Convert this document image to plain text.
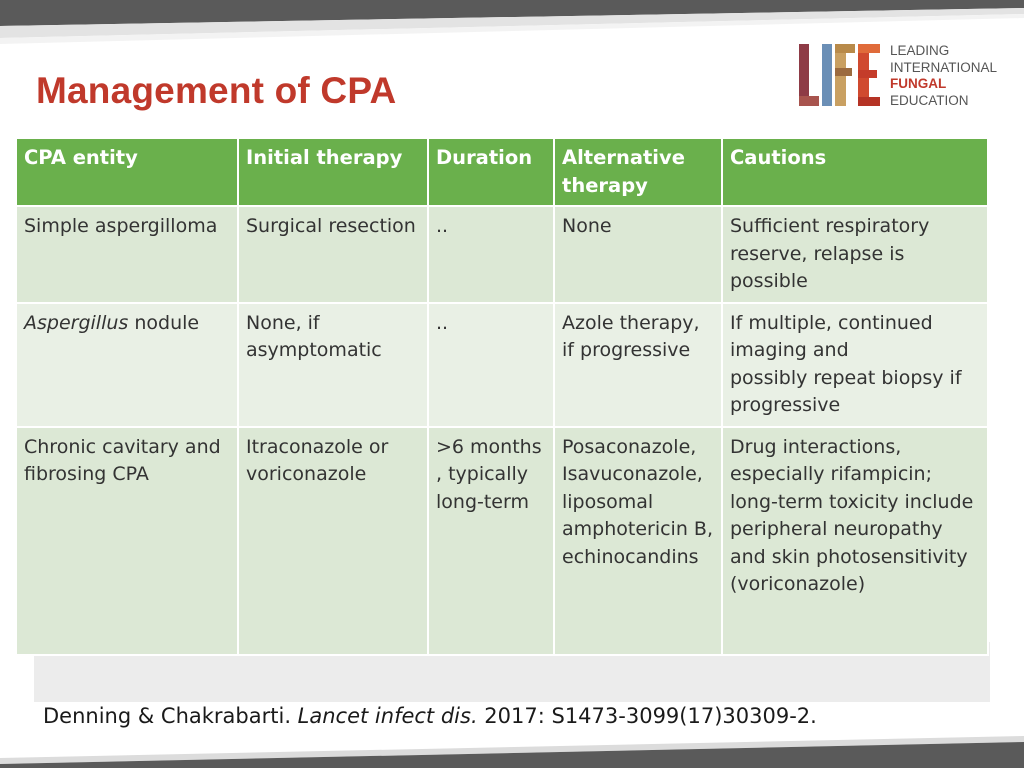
Management of CPA
LEADING
INTERNATIONAL
FUNGAL
EDUCATION
CPA entity	Initial therapy	Duration	Alternative therapy	Cautions
Simple aspergilloma	Surgical resection	..	None	Sufficient respiratory reserve, relapse is possible
Aspergillus nodule	None, if asymptomatic	..	Azole therapy, if progressive	If multiple, continued imaging and
possibly repeat biopsy if progressive
Chronic cavitary and fibrosing CPA	Itraconazole or voriconazole	>6 months , typically long-term	Posaconazole, Isavuconazole, liposomal amphotericin B, echinocandins	Drug interactions, especially rifampicin; long-term toxicity include peripheral neuropathy and skin photosensitivity (voriconazole)
Denning & Chakrabarti. Lancet infect dis. 2017: S1473-3099(17)30309-2.
